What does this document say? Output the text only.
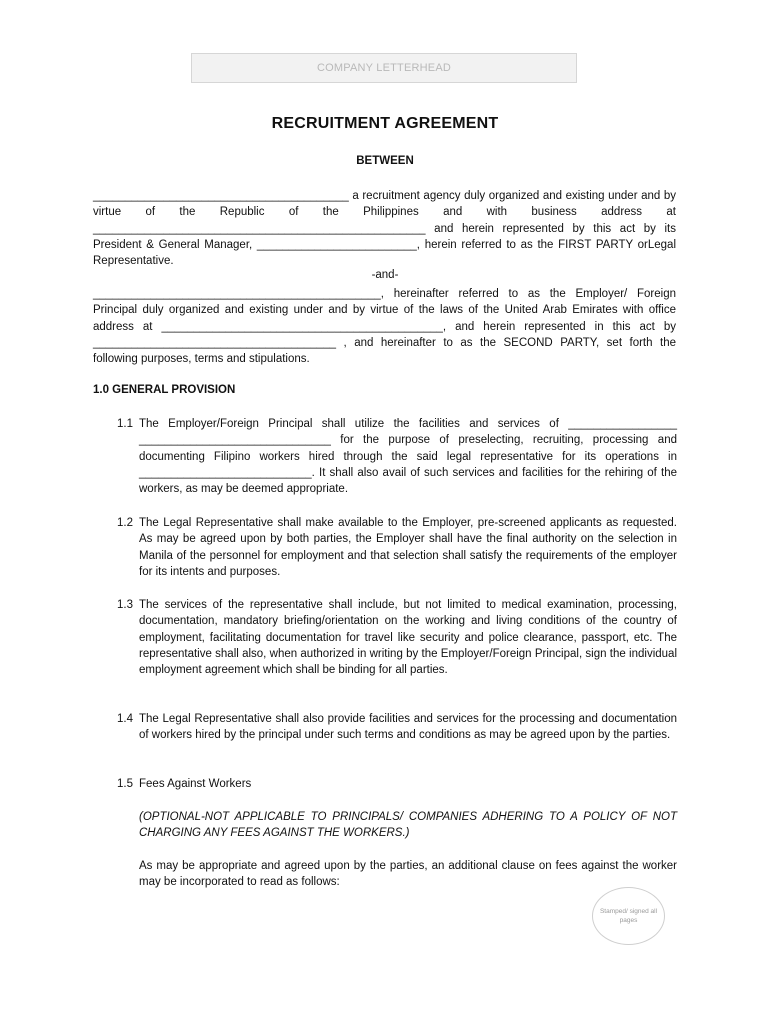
COMPANY LETTERHEAD
RECRUITMENT AGREEMENT
BETWEEN

________________________________________ a recruitment agency duly organized and existing under and by virtue of the Republic of the Philippines and with business address at ____________________________________________________ and herein represented by this act by its President & General Manager, _________________________, herein referred to as the FIRST PARTY orLegal Representative.

-and-

_____________________________________________, hereinafter referred to as the Employer/ Foreign Principal duly organized and existing under and by virtue of the laws of the United Arab Emirates with office address at ____________________________________________, and herein represented in this act by ______________________________________ , and hereinafter to as the SECOND PARTY, set forth the following purposes, terms and stipulations.

1.0 GENERAL PROVISION
1.1 The Employer/Foreign Principal shall utilize the facilities and services of _________________ ______________________________ for the purpose of preselecting, recruiting, processing and documenting Filipino workers hired through the said legal representative for its operations in ___________________________. It shall also avail of such services and facilities for the rehiring of the workers, as may be deemed appropriate.
1.2 The Legal Representative shall make available to the Employer, pre-screened applicants as requested. As may be agreed upon by both parties, the Employer shall have the final authority on the selection in Manila of the personnel for employment and that selection shall satisfy the requirements of the employer for its intents and purposes.
1.3 The services of the representative shall include, but not limited to medical examination, processing, documentation, mandatory briefing/orientation on the working and living conditions of the country of employment, facilitating documentation for travel like security and police clearance, passport, etc. The representative shall also, when authorized in writing by the Employer/Foreign Principal, sign the individual employment agreement which shall be binding for all parties.
1.4 The Legal Representative shall also provide facilities and services for the processing and documentation of workers hired by the principal under such terms and conditions as may be agreed upon by the parties.
1.5 Fees Against Workers
(OPTIONAL-NOT APPLICABLE TO PRINCIPALS/ COMPANIES ADHERING TO A POLICY OF NOT CHARGING ANY FEES AGAINST THE WORKERS.)
As may be appropriate and agreed upon by the parties, an additional clause on fees against the worker may be incorporated to read as follows:
Stamped/ signed all pages
